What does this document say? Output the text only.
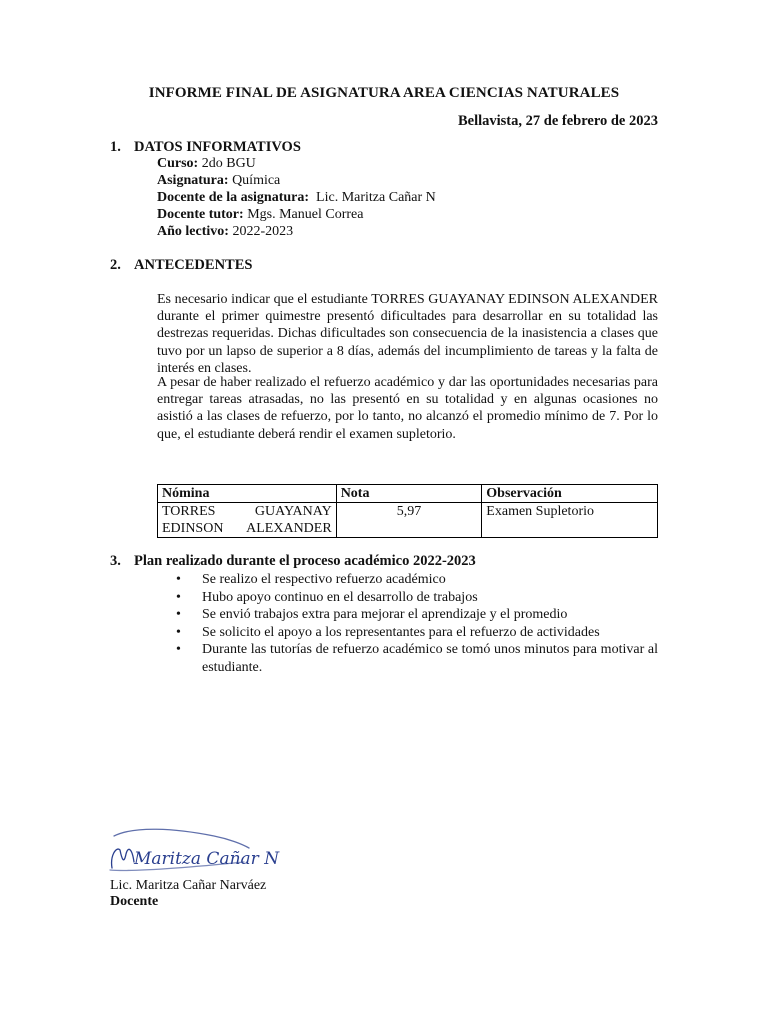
INFORME FINAL DE ASIGNATURA AREA CIENCIAS NATURALES
Bellavista, 27 de febrero de 2023
1. DATOS INFORMATIVOS
Curso: 2do BGU
Asignatura: Química
Docente de la asignatura:  Lic. Maritza Cañar N
Docente tutor: Mgs. Manuel Correa
Año lectivo: 2022-2023
2. ANTECEDENTES
Es necesario indicar que el estudiante TORRES GUAYANAY EDINSON ALEXANDER durante el primer quimestre presentó dificultades para desarrollar en su totalidad las destrezas requeridas. Dichas dificultades son consecuencia de la inasistencia a clases que tuvo por un lapso de superior a 8 días, además del incumplimiento de tareas y la falta de interés en clases.
A pesar de haber realizado el refuerzo académico y dar las oportunidades necesarias para entregar tareas atrasadas, no las presentó en su totalidad y en algunas ocasiones no asistió a las clases de refuerzo, por lo tanto, no alcanzó el promedio mínimo de 7. Por lo que, el estudiante deberá rendir el examen supletorio.
Nómina	Nota	Observación
TORRES GUAYANAY EDINSON ALEXANDER	5,97	Examen Supletorio
3. Plan realizado durante el proceso académico 2022-2023
• Se realizo el respectivo refuerzo académico
• Hubo apoyo continuo en el desarrollo de trabajos
• Se envió trabajos extra para mejorar el aprendizaje y el promedio
• Se solicito el apoyo a los representantes para el refuerzo de actividades
• Durante las tutorías de refuerzo académico se tomó unos minutos para motivar al estudiante.
Maritza Cañar N
Lic. Maritza Cañar Narváez
Docente
